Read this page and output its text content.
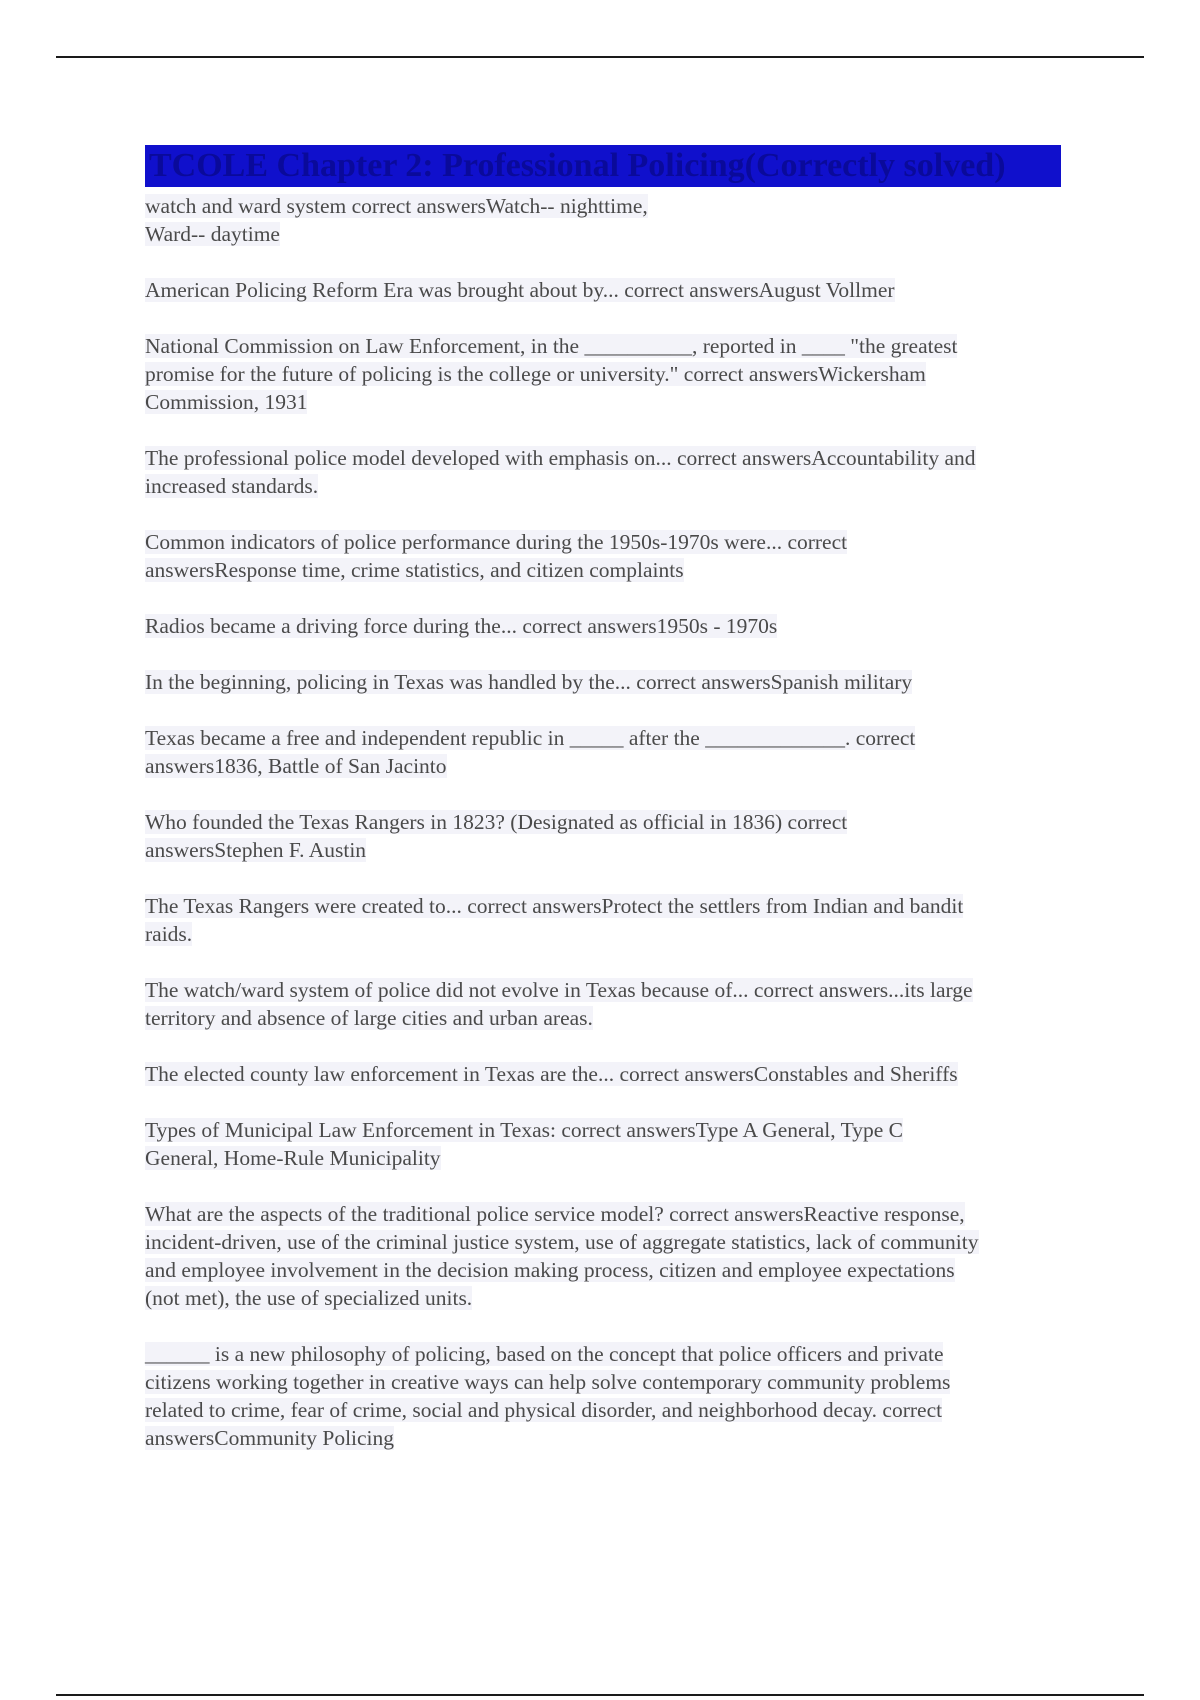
TCOLE Chapter 2: Professional Policing(Correctly solved)
watch and ward system correct answersWatch-- nighttime,
Ward-- daytime
American Policing Reform Era was brought about by... correct answersAugust Vollmer
National Commission on Law Enforcement, in the __________, reported in ____ "the greatest
promise for the future of policing is the college or university." correct answersWickersham
Commission, 1931
The professional police model developed with emphasis on... correct answersAccountability and
increased standards.
Common indicators of police performance during the 1950s-1970s were... correct
answersResponse time, crime statistics, and citizen complaints
Radios became a driving force during the... correct answers1950s - 1970s
In the beginning, policing in Texas was handled by the... correct answersSpanish military
Texas became a free and independent republic in _____ after the _____________. correct
answers1836, Battle of San Jacinto
Who founded the Texas Rangers in 1823? (Designated as official in 1836) correct
answersStephen F. Austin
The Texas Rangers were created to... correct answersProtect the settlers from Indian and bandit
raids.
The watch/ward system of police did not evolve in Texas because of... correct answers...its large
territory and absence of large cities and urban areas.
The elected county law enforcement in Texas are the... correct answersConstables and Sheriffs
Types of Municipal Law Enforcement in Texas: correct answersType A General, Type C
General, Home-Rule Municipality
What are the aspects of the traditional police service model? correct answersReactive response,
incident-driven, use of the criminal justice system, use of aggregate statistics, lack of community
and employee involvement in the decision making process, citizen and employee expectations
(not met), the use of specialized units.
______ is a new philosophy of policing, based on the concept that police officers and private
citizens working together in creative ways can help solve contemporary community problems
related to crime, fear of crime, social and physical disorder, and neighborhood decay. correct
answersCommunity Policing
